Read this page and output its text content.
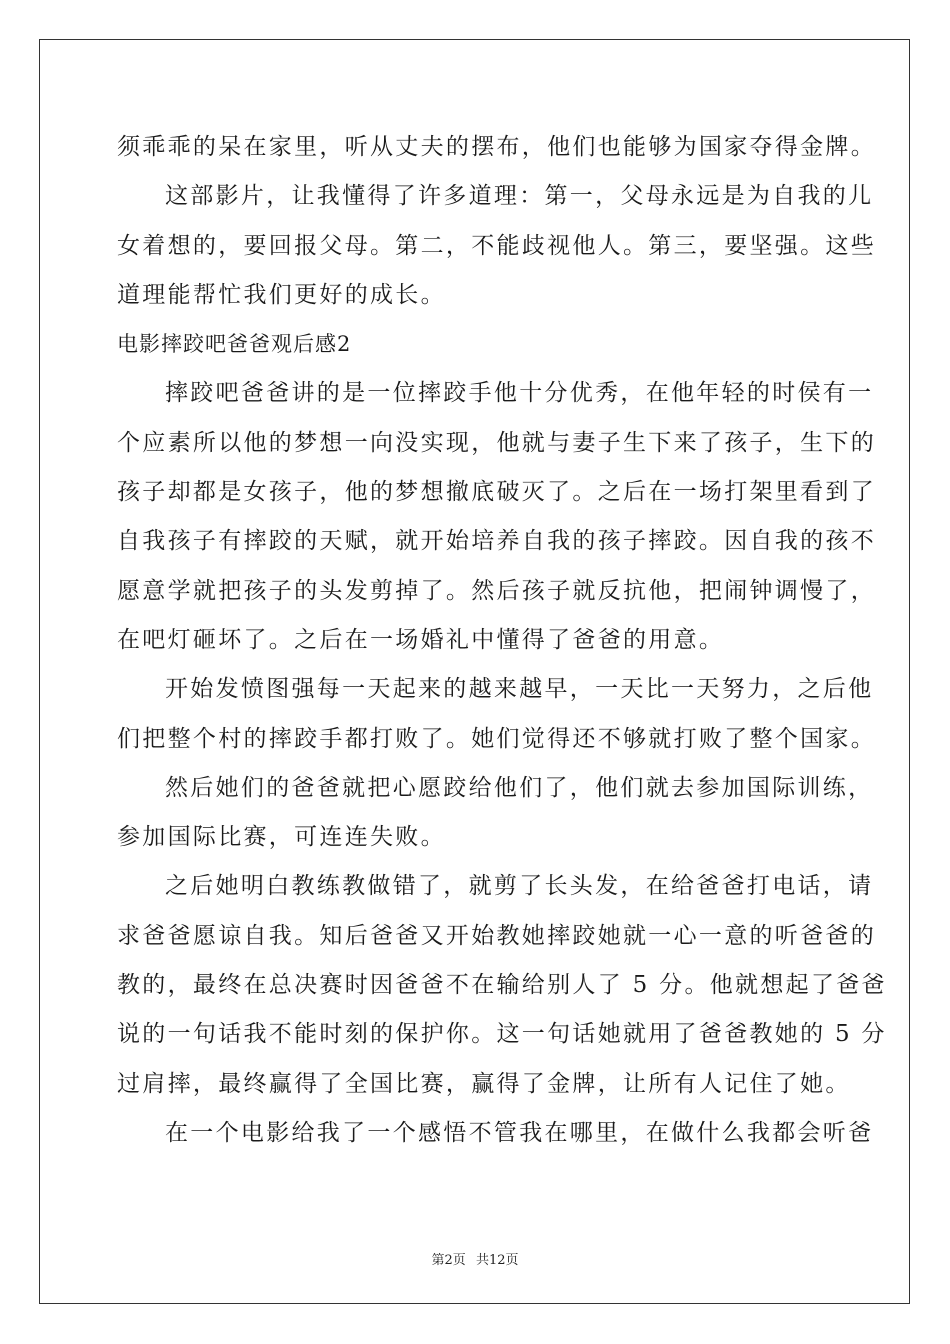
须乖乖的呆在家里，听从丈夫的摆布，他们也能够为国家夺得金牌。
这部影片，让我懂得了许多道理：第一，父母永远是为自我的儿
女着想的，要回报父母。第二，不能歧视他人。第三，要坚强。这些
道理能帮忙我们更好的成长。
电影摔跤吧爸爸观后感2
摔跤吧爸爸讲的是一位摔跤手他十分优秀，在他年轻的时侯有一
个应素所以他的梦想一向没实现，他就与妻子生下来了孩子，生下的
孩子却都是女孩子，他的梦想撤底破灭了。之后在一场打架里看到了
自我孩子有摔跤的天赋，就开始培养自我的孩子摔跤。因自我的孩不
愿意学就把孩子的头发剪掉了。然后孩子就反抗他，把闹钟调慢了，
在吧灯砸坏了。之后在一场婚礼中懂得了爸爸的用意。
开始发愤图强每一天起来的越来越早，一天比一天努力，之后他
们把整个村的摔跤手都打败了。她们觉得还不够就打败了整个国家。
然后她们的爸爸就把心愿跤给他们了，他们就去参加国际训练，
参加国际比赛，可连连失败。
之后她明白教练教做错了，就剪了长头发，在给爸爸打电话，请
求爸爸愿谅自我。知后爸爸又开始教她摔跤她就一心一意的听爸爸的
教的，最终在总决赛时因爸爸不在输给别人了 5 分。他就想起了爸爸
说的一句话我不能时刻的保护你。这一句话她就用了爸爸教她的 5 分
过肩摔，最终赢得了全国比赛，赢得了金牌，让所有人记住了她。
在一个电影给我了一个感悟不管我在哪里，在做什么我都会听爸
第2页 共12页
